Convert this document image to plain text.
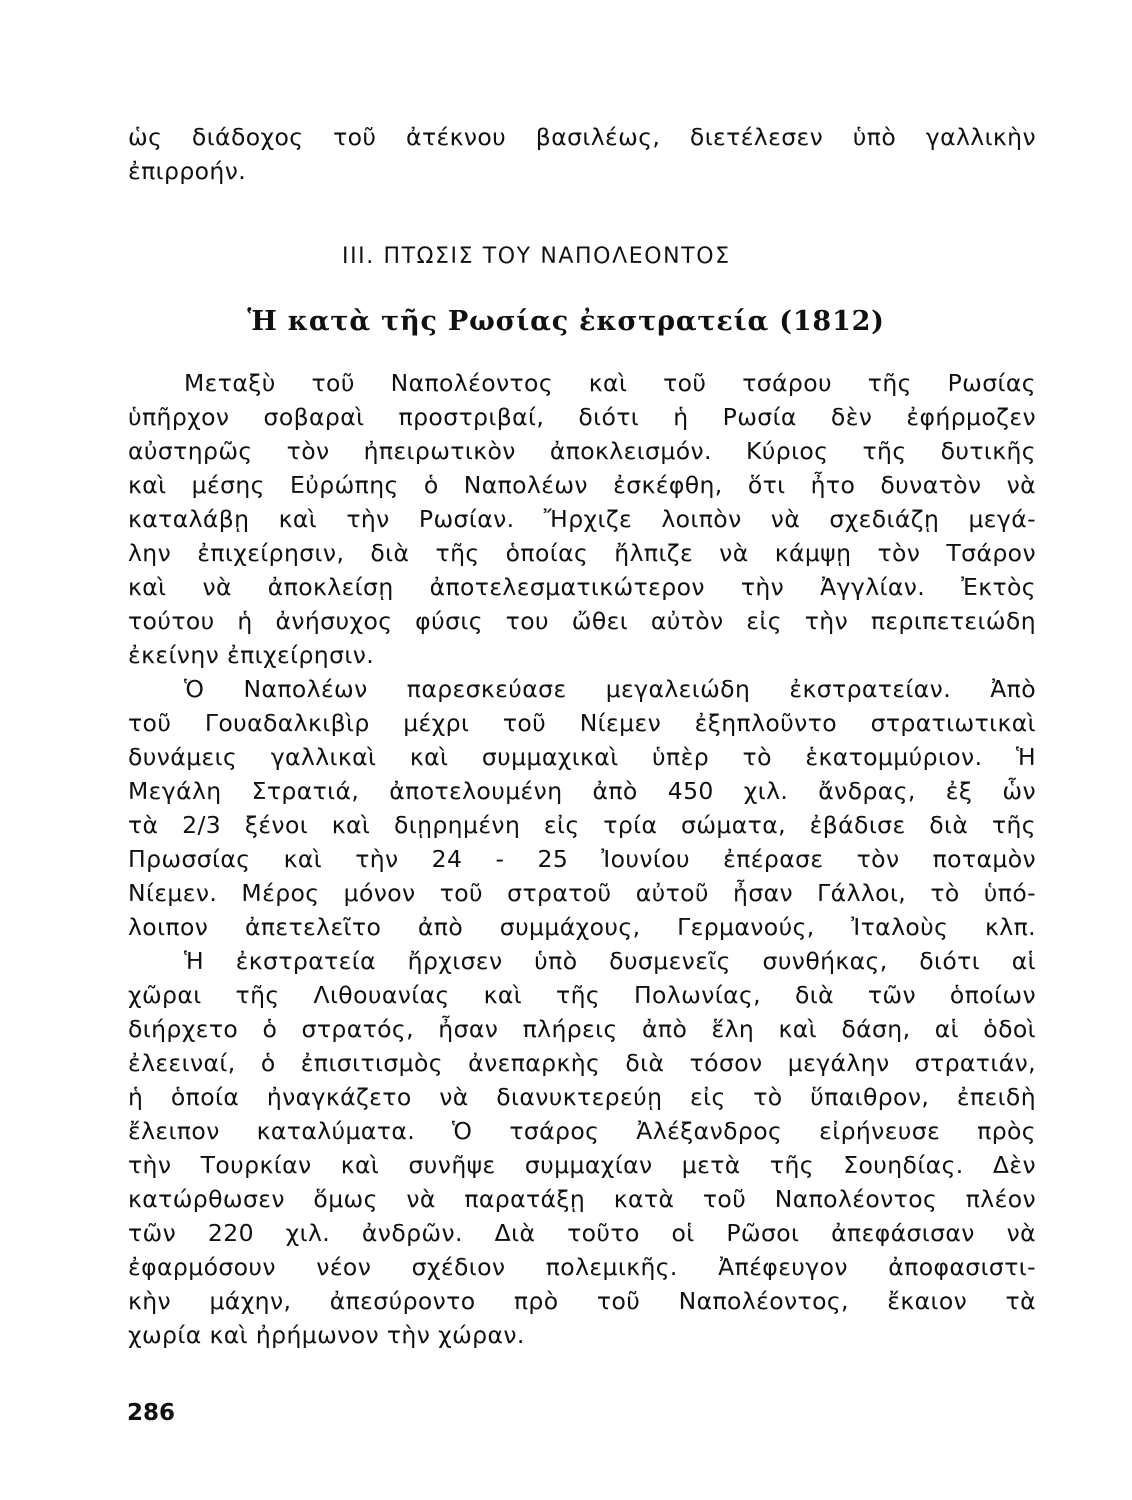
ὡς διάδοχος τοῦ ἀτέκνου βασιλέως, διετέλεσεν ὑπὸ γαλλικὴν
ἐπιρροήν.
III. ΠΤΩΣΙΣ ΤΟΥ ΝΑΠΟΛΕΟΝΤΟΣ
Ἡ κατὰ τῆς Ρωσίας ἐκστρατεία (1812)
Μεταξὺ τοῦ Ναπολέοντος καὶ τοῦ τσάρου τῆς Ρωσίας
ὑπῆρχον σοβαραὶ προστριβαί, διότι ἡ Ρωσία δὲν ἐφήρμοζεν
αὐστηρῶς τὸν ἠπειρωτικὸν ἀποκλεισμόν. Κύριος τῆς δυτικῆς
καὶ μέσης Εὐρώπης ὁ Ναπολέων ἐσκέφθη, ὅτι ἦτο δυνατὸν νὰ
καταλάβῃ καὶ τὴν Ρωσίαν. Ἤρχιζε λοιπὸν νὰ σχεδιάζῃ μεγά-
λην ἐπιχείρησιν, διὰ τῆς ὁποίας ἤλπιζε νὰ κάμψῃ τὸν Τσάρον
καὶ νὰ ἀποκλείσῃ ἀποτελεσματικώτερον τὴν Ἀγγλίαν. Ἐκτὸς
τούτου ἡ ἀνήσυχος φύσις του ὤθει αὐτὸν εἰς τὴν περιπετειώδη
ἐκείνην ἐπιχείρησιν.
Ὁ Ναπολέων παρεσκεύασε μεγαλειώδη ἐκστρατείαν. Ἀπὸ
τοῦ Γουαδαλκιβὶρ μέχρι τοῦ Νίεμεν ἐξηπλοῦντο στρατιωτικαὶ
δυνάμεις γαλλικαὶ καὶ συμμαχικαὶ ὑπὲρ τὸ ἑκατομμύριον. Ἡ
Μεγάλη Στρατιά, ἀποτελουμένη ἀπὸ 450 χιλ. ἄνδρας, ἐξ ὧν
τὰ 2/3 ξένοι καὶ διῃρημένη εἰς τρία σώματα, ἐβάδισε διὰ τῆς
Πρωσσίας καὶ τὴν 24 - 25 Ἰουνίου ἐπέρασε τὸν ποταμὸν
Νίεμεν. Μέρος μόνον τοῦ στρατοῦ αὐτοῦ ἦσαν Γάλλοι, τὸ ὑπό-
λοιπον ἀπετελεῖτο ἀπὸ συμμάχους, Γερμανούς, Ἰταλοὺς κλπ.
Ἡ ἐκστρατεία ἤρχισεν ὑπὸ δυσμενεῖς συνθήκας, διότι αἱ
χῶραι τῆς Λιθουανίας καὶ τῆς Πολωνίας, διὰ τῶν ὁποίων
διήρχετο ὁ στρατός, ἦσαν πλήρεις ἀπὸ ἕλη καὶ δάση, αἱ ὁδοὶ
ἐλεειναί, ὁ ἐπισιτισμὸς ἀνεπαρκὴς διὰ τόσον μεγάλην στρατιάν,
ἡ ὁποία ἠναγκάζετο νὰ διανυκτερεύῃ εἰς τὸ ὕπαιθρον, ἐπειδὴ
ἔλειπον καταλύματα. Ὁ τσάρος Ἀλέξανδρος εἰρήνευσε πρὸς
τὴν Τουρκίαν καὶ συνῆψε συμμαχίαν μετὰ τῆς Σουηδίας. Δὲν
κατώρθωσεν ὅμως νὰ παρατάξῃ κατὰ τοῦ Ναπολέοντος πλέον
τῶν 220 χιλ. ἀνδρῶν. Διὰ τοῦτο οἱ Ρῶσοι ἀπεφάσισαν νὰ
ἐφαρμόσουν νέον σχέδιον πολεμικῆς. Ἀπέφευγον ἀποφασιστι-
κὴν μάχην, ἀπεσύροντο πρὸ τοῦ Ναπολέοντος, ἔκαιον τὰ
χωρία καὶ ἠρήμωνον τὴν χώραν.
286
